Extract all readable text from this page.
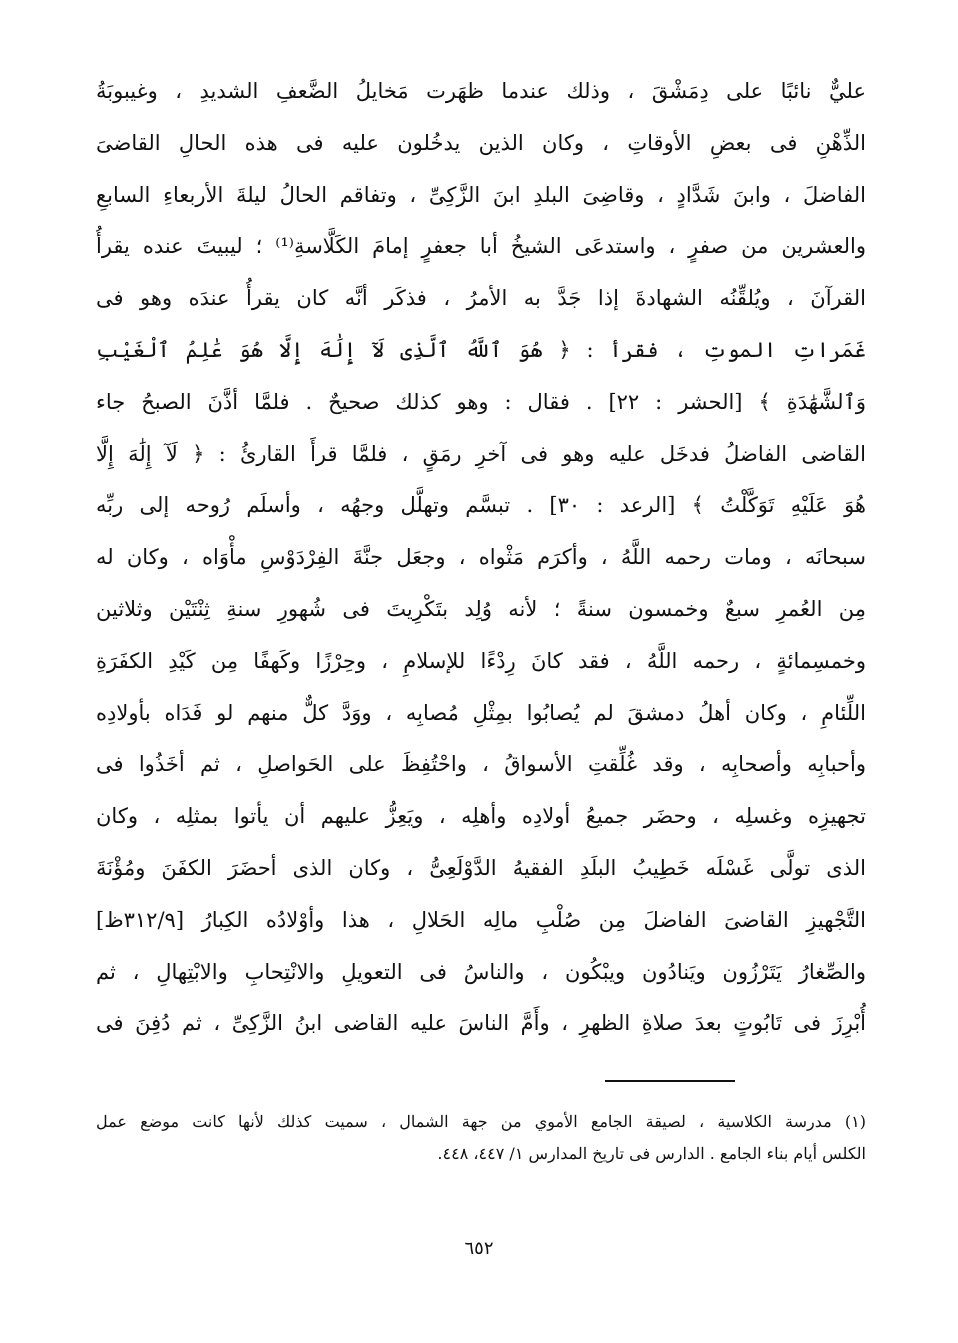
عليٌّ نائبًا على دِمَشْقَ ، وذلك عندما ظهَرت مَخايلُ الضَّعفِ الشديدِ ، وغيبوبَةُ
الذِّهْنِ فى بعضِ الأوقاتِ ، وكان الذين يدخُلون عليه فى هذه الحالِ القاضىَ
الفاضلَ ، وابنَ شَدَّادٍ ، وقاضِىَ البلدِ ابنَ الزَّكِىِّ ، وتفاقم الحالُ ليلةَ الأربعاءِ السابعِ
والعشرين من صفرٍ ، واستدعَى الشيخُ أبا جعفرٍ إمامَ الكَلَّاسةِ⁽¹⁾ ؛ ليبيتَ عنده يقرأُ
القرآنَ ، ويُلقِّنُه الشهادةَ إذا جَدَّ به الأمرُ ، فذكَر أنَّه كان يقرأُ عندَه وهو فى
غَمَراتِ الموتِ ، فقرأ : ﴿ هُوَ ٱللَّهُ ٱلَّذِى لَآ إِلَٰهَ إِلَّا هُوَ عَٰلِمُ ٱلْغَيْبِ
وَٱلشَّهَٰدَةِ ﴾ [الحشر : ٢٢] . فقال : وهو كذلك صحيحٌ . فلمَّا أذَّنَ الصبحُ جاء
القاضى الفاضلُ فدخَل عليه وهو فى آخرِ رمَقٍ ، فلمَّا قرأَ القارئُ : ﴿ لَآ إِلَٰهَ إِلَّا
هُوَ عَلَيْهِ تَوَكَّلْتُ ﴾ [الرعد : ٣٠] . تبسَّم وتهلَّل وجهُه ، وأسلَم رُوحه إلى ربِّه
سبحانَه ، ومات رحمه اللَّهُ ، وأكرَم مَثْواه ، وجعَل جنَّةَ الفِرْدَوْسِ مأْوَاه ، وكان له
مِن العُمرِ سبعٌ وخمسون سنةً ؛ لأنه وُلِد بتَكْرِيتَ فى شُهورِ سنةِ ثِنْتَيْن وثلاثين
وخمسِمائةٍ ، رحمه اللَّهُ ، فقد كانَ رِدْءًا للإسلامِ ، وحِرْزًا وكَهفًا مِن كَيْدِ الكفَرَةِ
اللِّئامِ ، وكان أهلُ دمشقَ لم يُصابُوا بمِثْلِ مُصابِه ، ووَدَّ كلٌّ منهم لو فَدَاه بأولادِه
وأحبابِه وأصحابِه ، وقد غُلِّقتِ الأسواقُ ، واحْتُفِظَ على الحَواصلِ ، ثم أخَذُوا فى
تجهيزِه وغسلِه ، وحضَر جميعُ أولادِه وأهلِه ، ويَعِزُّ عليهم أن يأتوا بمثلِه ، وكان
الذى تولَّى غَسْلَه خَطِيبُ البلَدِ الفقيهُ الدَّوْلَعِىُّ ، وكان الذى أحضَرَ الكفَنَ ومُؤْنَةَ
التَّجْهيزِ القاضىَ الفاضلَ مِن صُلْبِ مالِه الحَلالِ ، هذا وأوْلادُه الكِبارُ [٣١٢/٩ظ]
والصِّغارُ يَتَرْزُون ويَنادُون ويبْكُون ، والناسُ فى التعويلِ والانْتِحابِ والابْتِهالِ ، ثم
أُبْرِزَ فى تَابُوتٍ بعدَ صلاةِ الظهرِ ، وأَمَّ الناسَ عليه القاضى ابنُ الزَّكِىِّ ، ثم دُفِنَ فى
(١) مدرسة الكلاسية ، لصيقة الجامع الأموي من جهة الشمال ، سميت كذلك لأنها كانت موضع عمل
الكلس أيام بناء الجامع . الدارس فى تاريخ المدارس ١/ ٤٤٧، ٤٤٨.
٦٥٢
